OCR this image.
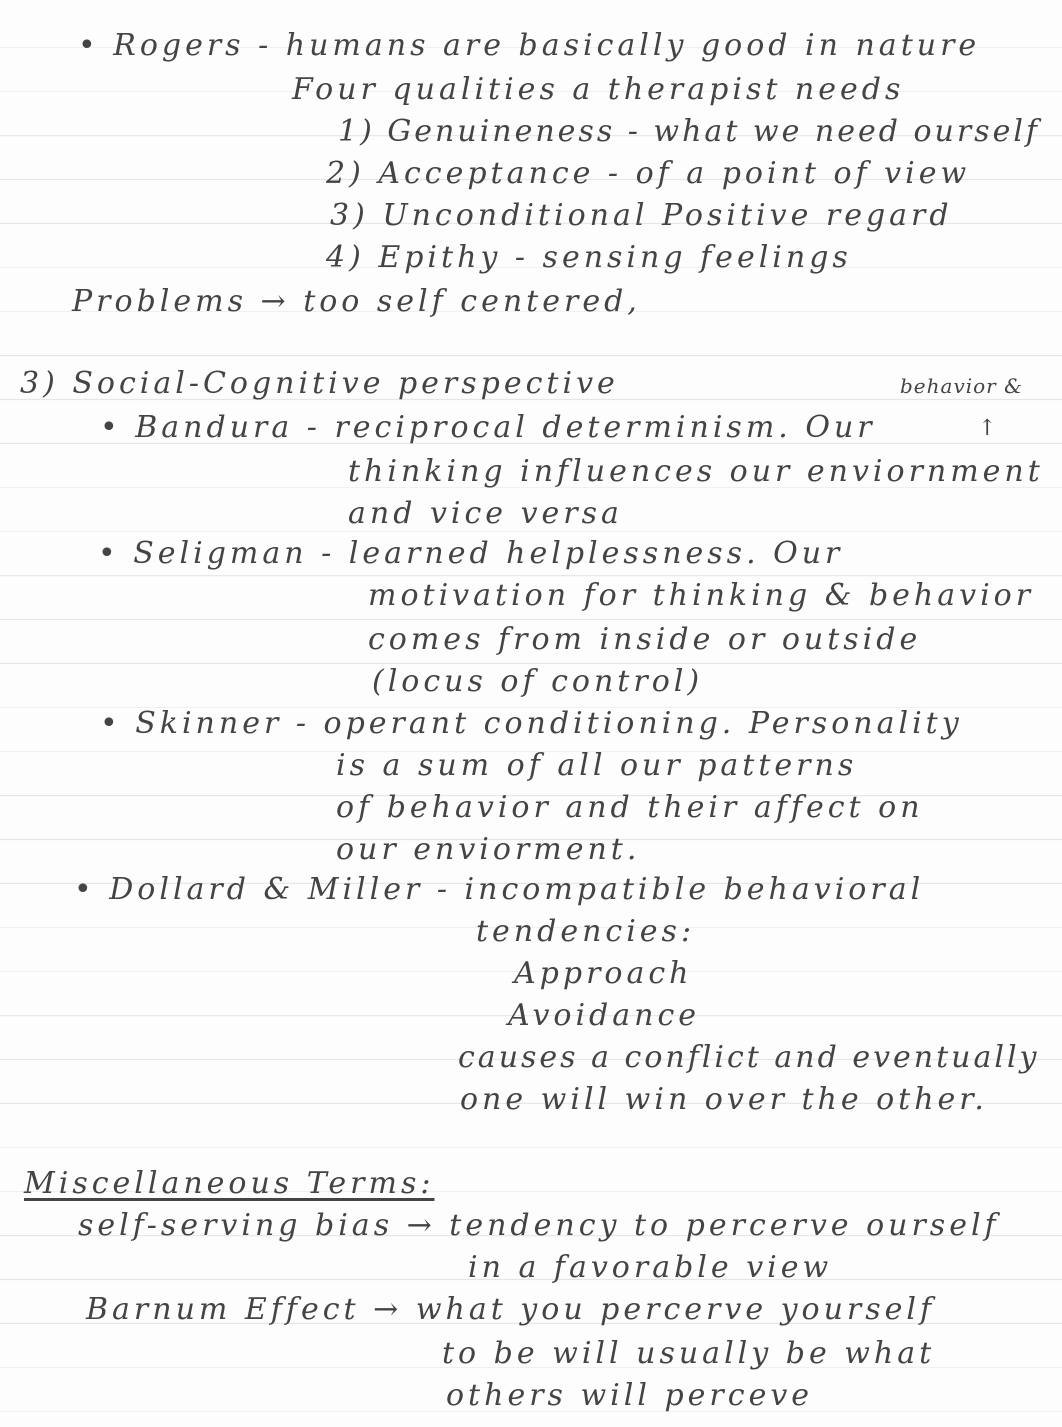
• Rogers - humans are basically good in nature
Four qualities a therapist needs
1) Genuineness - what we need ourself
2) Acceptance - of a point of view
3) Unconditional Positive regard
4) Epithy - sensing feelings
Problems → too self centered,
3) Social-Cognitive perspective	behavior &
↑
• Bandura - reciprocal determinism. Our
thinking influences our enviornment
and vice versa
• Seligman - learned helplessness. Our
motivation for thinking & behavior
comes from inside or outside
(locus of control)
• Skinner - operant conditioning. Personality
is a sum of all our patterns
of behavior and their affect on
our enviorment.
• Dollard & Miller - incompatible behavioral
tendencies:
Approach
Avoidance
causes a conflict and eventually
one will win over the other.
Miscellaneous Terms:
self-serving bias → tendency to percerve ourself
in a favorable view
Barnum Effect → what you percerve yourself
to be will usually be what
others will perceve
